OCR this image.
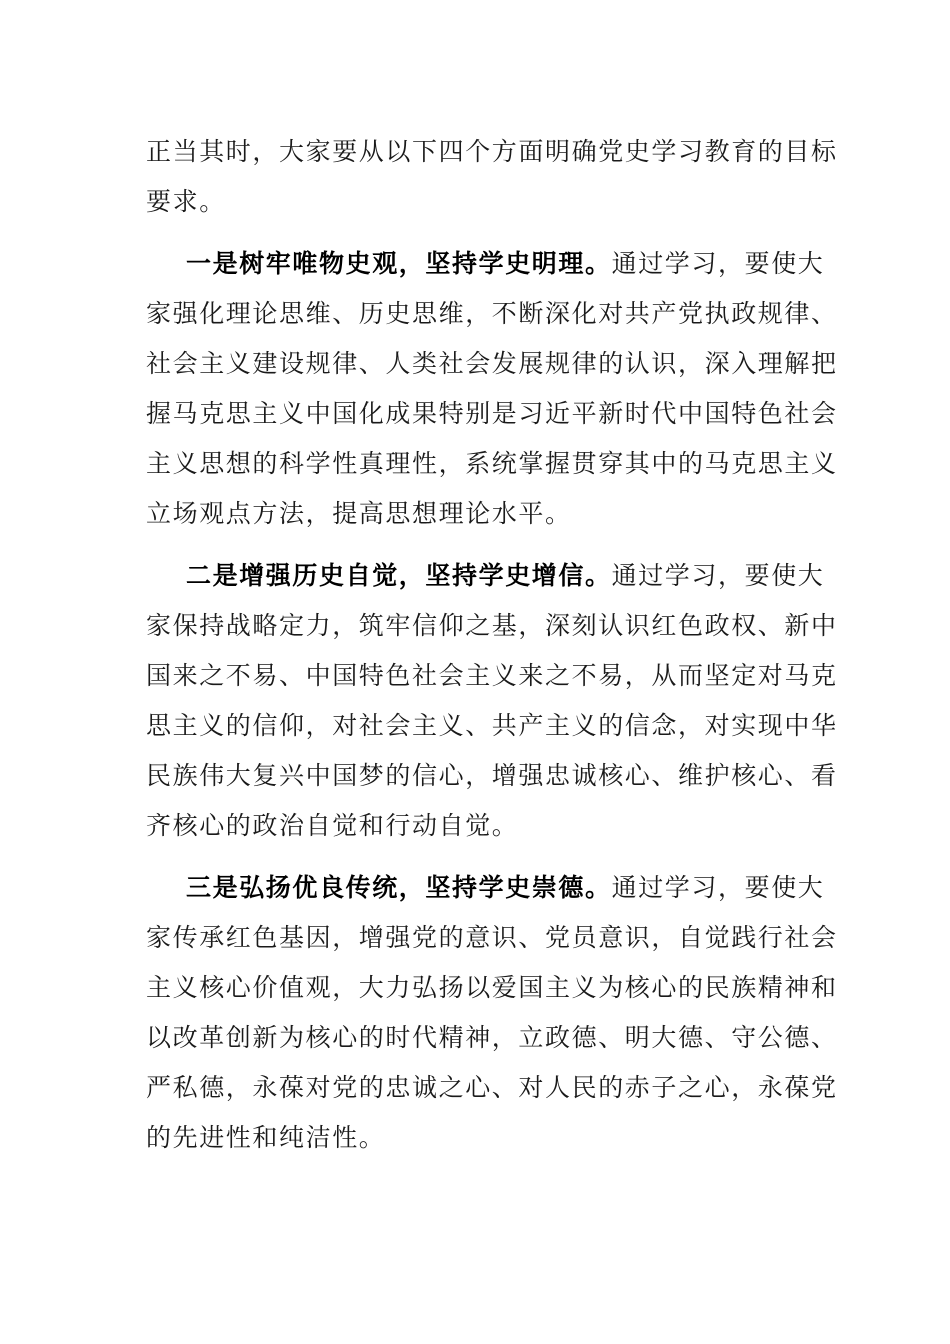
正当其时，大家要从以下四个方面明确党史学习教育的目标
要求。
一是树牢唯物史观，坚持学史明理。通过学习，要使大
家强化理论思维、历史思维，不断深化对共产党执政规律、
社会主义建设规律、人类社会发展规律的认识，深入理解把
握马克思主义中国化成果特别是习近平新时代中国特色社会
主义思想的科学性真理性，系统掌握贯穿其中的马克思主义
立场观点方法，提高思想理论水平。
二是增强历史自觉，坚持学史增信。通过学习，要使大
家保持战略定力，筑牢信仰之基，深刻认识红色政权、新中
国来之不易、中国特色社会主义来之不易，从而坚定对马克
思主义的信仰，对社会主义、共产主义的信念，对实现中华
民族伟大复兴中国梦的信心，增强忠诚核心、维护核心、看
齐核心的政治自觉和行动自觉。
三是弘扬优良传统，坚持学史崇德。通过学习，要使大
家传承红色基因，增强党的意识、党员意识，自觉践行社会
主义核心价值观，大力弘扬以爱国主义为核心的民族精神和
以改革创新为核心的时代精神，立政德、明大德、守公德、
严私德，永葆对党的忠诚之心、对人民的赤子之心，永葆党
的先进性和纯洁性。
